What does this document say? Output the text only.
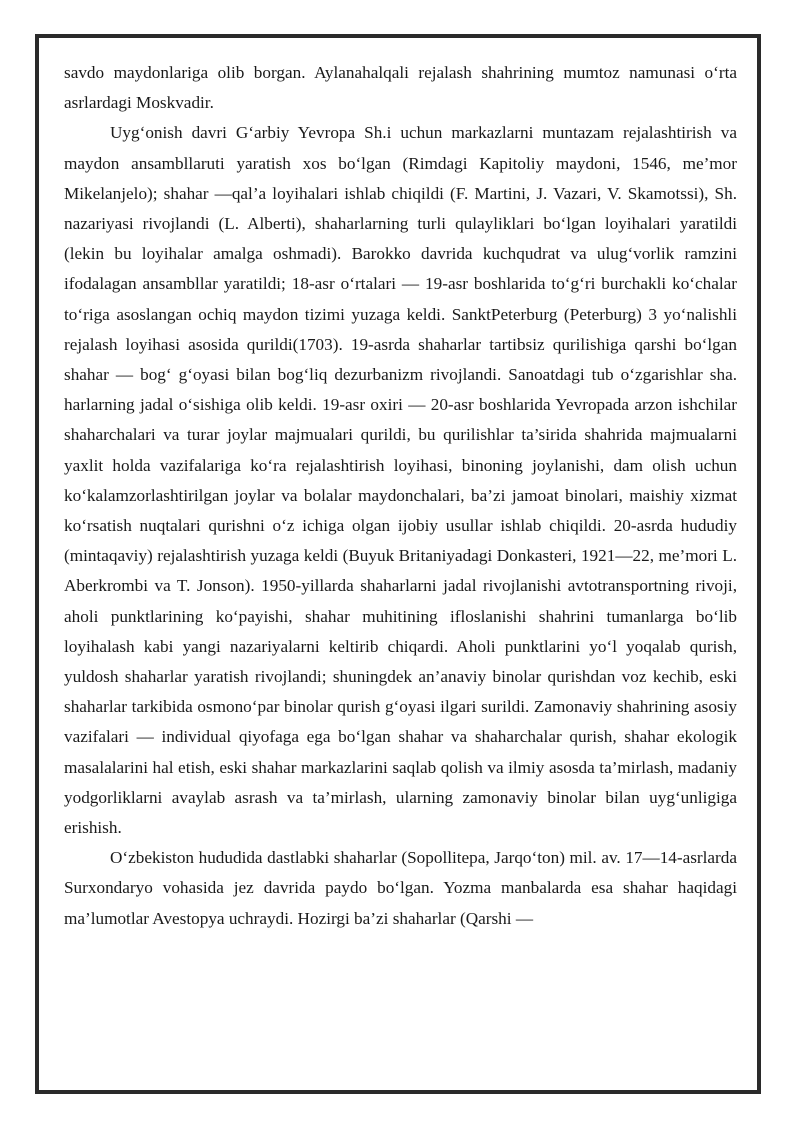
savdo maydonlariga olib borgan. Aylanahalqali rejalash shahrining mumtoz namunasi oʻrta asrlardagi Moskvadir.

Uygʻonish davri Gʻarbiy Yevropa Sh.i uchun markazlarni muntazam rejalashtirish va maydon ansambllaruti yaratish xos boʻlgan (Rimdagi Kapitoliy maydoni, 1546, me’mor Mikelanjelo); shahar —qal’a loyihalari ishlab chiqildi (F. Martini, J. Vazari, V. Skamotssi), Sh. nazariyasi rivojlandi (L. Alberti), shaharlarning turli qulayliklari boʻlgan loyihalari yaratildi (lekin bu loyihalar amalga oshmadi). Barokko davrida kuchqudrat va ulugʻvorlik ramzini ifodalagan ansambllar yaratildi; 18-asr oʻrtalari — 19-asr boshlarida toʻgʻri burchakli koʻchalar toʻriga asoslangan ochiq maydon tizimi yuzaga keldi. SanktPeterburg (Peterburg) 3 yoʻnalishli rejalash loyihasi asosida qurildi(1703). 19-asrda shaharlar tartibsiz qurilishiga qarshi boʻlgan shahar — bogʻ gʻoyasi bilan bogʻliq dezurbanizm rivojlandi. Sanoatdagi tub oʻzgarishlar sha. harlarning jadal oʻsishiga olib keldi. 19-asr oxiri — 20-asr boshlarida Yevropada arzon ishchilar shaharchalari va turar joylar majmualari qurildi, bu qurilishlar ta’sirida shahrida majmualarni yaxlit holda vazifalariga koʻra rejalashtirish loyihasi, binoning joylanishi, dam olish uchun koʻkalamzorlashtirilgan joylar va bolalar maydonchalari, ba’zi jamoat binolari, maishiy xizmat koʻrsatish nuqtalari qurishni oʻz ichiga olgan ijobiy usullar ishlab chiqildi. 20-asrda hududiy (mintaqaviy) rejalashtirish yuzaga keldi (Buyuk Britaniyadagi Donkasteri, 1921—22, me’mori L. Aberkrombi va T. Jonson). 1950-yillarda shaharlarni jadal rivojlanishi avtotransportning rivoji, aholi punktlarining koʻpayishi, shahar muhitining ifloslanishi shahrini tumanlarga boʻlib loyihalash kabi yangi nazariyalarni keltirib chiqardi. Aholi punktlarini yoʻl yoqalab qurish, yuldosh shaharlar yaratish rivojlandi; shuningdek an’anaviy binolar qurishdan voz kechib, eski shaharlar tarkibida osmonoʻpar binolar qurish gʻoyasi ilgari surildi. Zamonaviy shahrining asosiy vazifalari — individual qiyofaga ega boʻlgan shahar va shaharchalar qurish, shahar ekologik masalalarini hal etish, eski shahar markazlarini saqlab qolish va ilmiy asosda ta’mirlash, madaniy yodgorliklarni avaylab asrash va ta’mirlash, ularning zamonaviy binolar bilan uygʻunligiga erishish.

Oʻzbekiston hududida dastlabki shaharlar (Sopollitepa, Jarqoʻton) mil. av. 17—14-asrlarda Surxondaryo vohasida jez davrida paydo boʻlgan. Yozma manbalarda esa shahar haqidagi ma’lumotlar Avestopya uchraydi. Hozirgi ba’zi shaharlar (Qarshi —
